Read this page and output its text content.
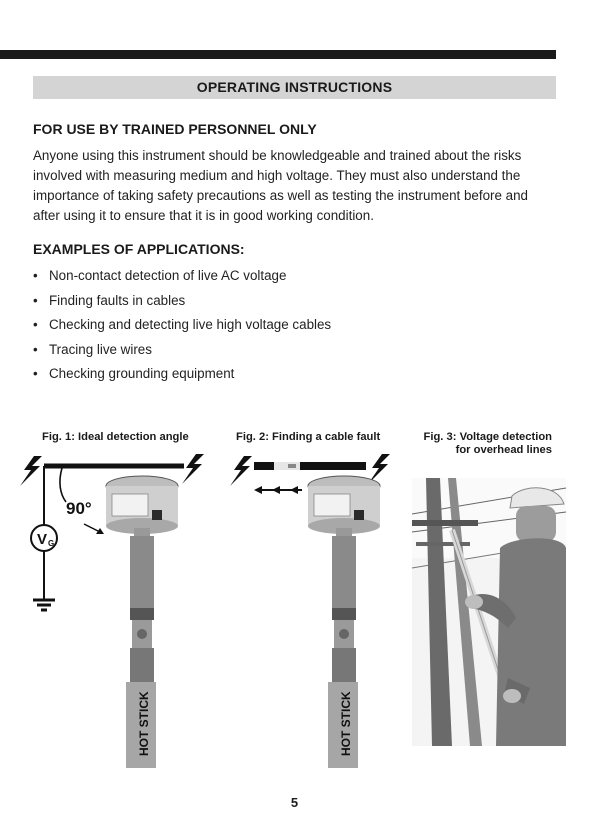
OPERATING INSTRUCTIONS
FOR USE BY TRAINED PERSONNEL ONLY

Anyone using this instrument should be knowledgeable and trained about the risks
involved with measuring medium and high voltage. They must also understand the
importance of taking safety precautions as well as testing the instrument before and
after using it to ensure that it is in good working condition.

EXAMPLES OF APPLICATIONS:
• Non-contact detection of live AC voltage
• Finding faults in cables
• Checking and detecting live high voltage cables
• Tracing live wires
• Checking grounding equipment
Fig. 1: Ideal detection angle	Fig. 2: Finding a cable fault	Fig. 3: Voltage detection
for overhead lines
V G
90°
HOT STICK	HOT STICK
5
